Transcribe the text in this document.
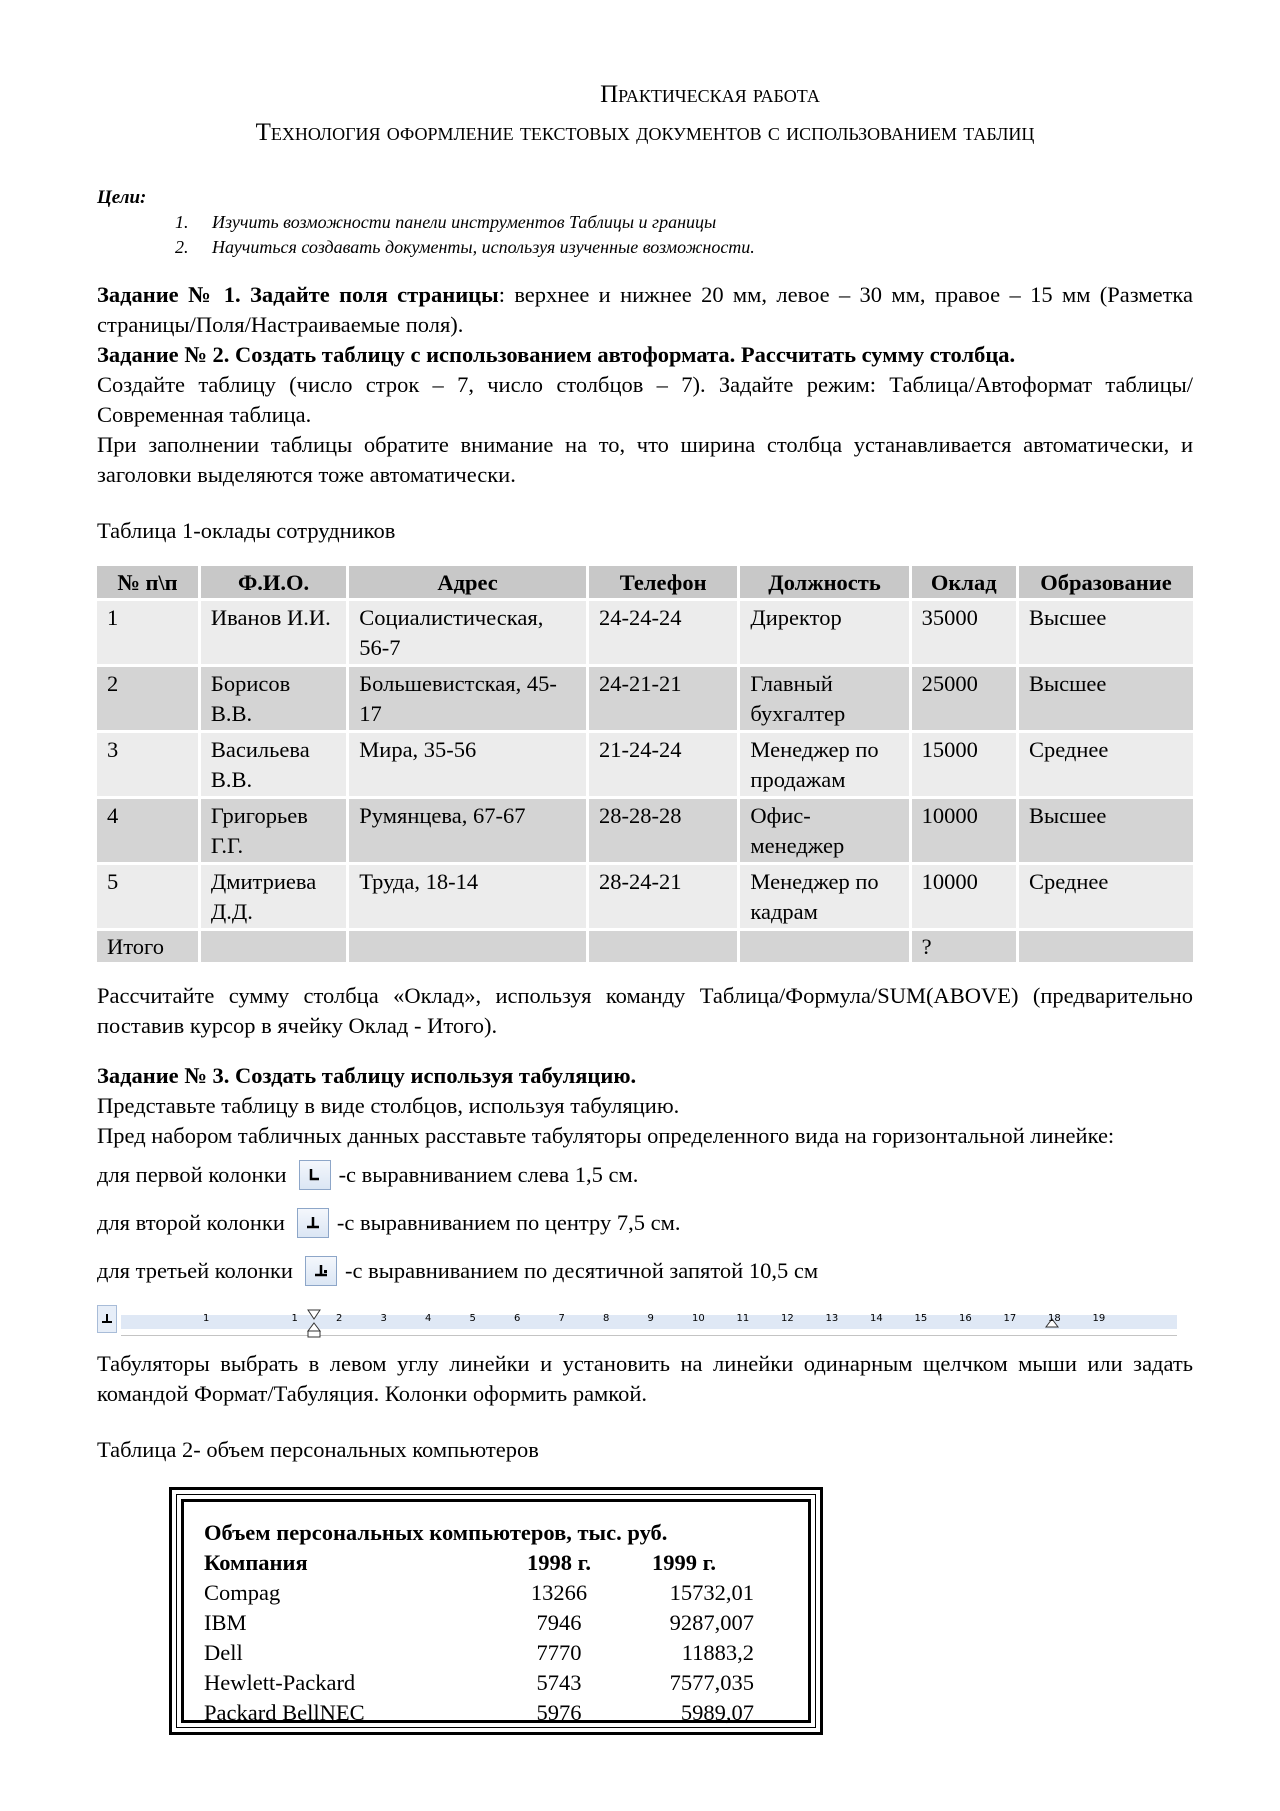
Практическая работа
Технология оформление текстовых документов с использованием таблиц
Цели:
1. Изучить возможности панели инструментов Таблицы и границы
2. Научиться создавать документы, используя изученные возможности.
Задание № 1. Задайте поля страницы: верхнее и нижнее 20 мм, левое – 30 мм, правое – 15 мм (Разметка страницы/Поля/Настраиваемые поля).
Задание № 2. Создать таблицу с использованием автоформата. Рассчитать сумму столбца.
Создайте таблицу (число строк – 7, число столбцов – 7). Задайте режим: Таблица/Автоформат таблицы/Современная таблица.
При заполнении таблицы обратите внимание на то, что ширина столбца устанавливается автоматически, и заголовки выделяются тоже автоматически.
Таблица 1-оклады сотрудников
№ п\п	Ф.И.О.	Адрес	Телефон	Должность	Оклад	Образование
1	Иванов И.И.	Социалистическая, 56-7	24-24-24	Директор	35000	Высшее
2	Борисов В.В.	Большевистская, 45-17	24-21-21	Главный бухгалтер	25000	Высшее
3	Васильева В.В.	Мира, 35-56	21-24-24	Менеджер по продажам	15000	Среднее
4	Григорьев Г.Г.	Румянцева, 67-67	28-28-28	Офис-менеджер	10000	Высшее
5	Дмитриева Д.Д.	Труда, 18-14	28-24-21	Менеджер по кадрам	10000	Среднее
Итого					?	
Рассчитайте сумму столбца «Оклад», используя команду Таблица/Формула/SUM(ABOVE) (предварительно поставив курсор в ячейку Оклад - Итого).
Задание № 3. Создать таблицу используя табуляцию.
Представьте таблицу в виде столбцов, используя табуляцию.
Пред набором табличных данных расставьте табуляторы определенного вида на горизонтальной линейке:
для первой колонки -с выравниванием слева 1,5 см.
для второй колонки -с выравниванием по центру 7,5 см.
для третьей колонки -с выравниванием по десятичной запятой 10,5 см
1	1	2	3	4	5	6	7	8	9	10	11	12	13	14	15	16	17	18	19
Табуляторы выбрать в левом углу линейки и установить на линейки одинарным щелчком мыши или задать командой Формат/Табуляция. Колонки оформить рамкой.
Таблица 2- объем персональных компьютеров
Объем персональных компьютеров, тыс. руб.
Компания	1998 г.	1999 г.
Compag	13266	15732,01
IBM	7946	9287,007
Dell	7770	11883,2
Hewlett-Packard	5743	7577,035
Packard BellNEC	5976	5989,07
